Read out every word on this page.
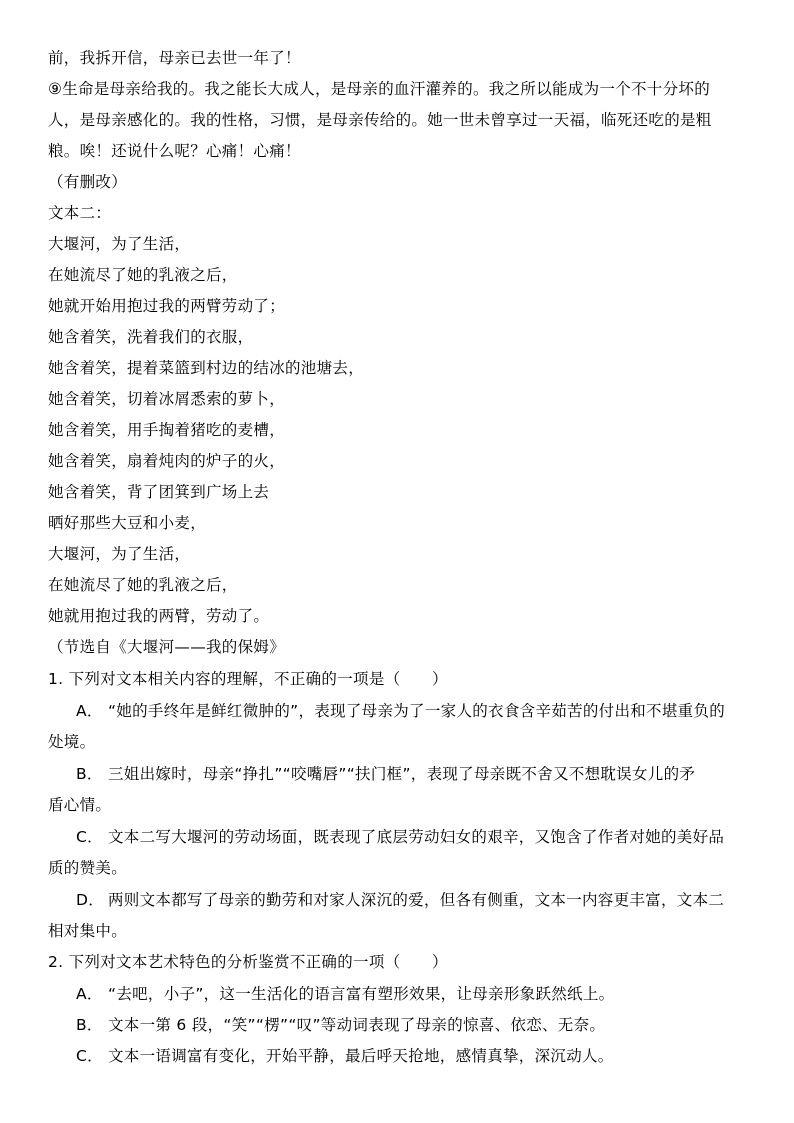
前，我拆开信，母亲已去世一年了！
⑨生命是母亲给我的。我之能长大成人，是母亲的血汗灌养的。我之所以能成为一个不十分坏的
人，是母亲感化的。我的性格，习惯，是母亲传给的。她一世未曾享过一天福，临死还吃的是粗
粮。唉！还说什么呢？心痛！心痛！
（有删改）
文本二：
大堰河，为了生活，
在她流尽了她的乳液之后，
她就开始用抱过我的两臂劳动了；
她含着笑，洗着我们的衣服，
她含着笑，提着菜篮到村边的结冰的池塘去，
她含着笑，切着冰屑悉索的萝卜，
她含着笑，用手掏着猪吃的麦槽，
她含着笑，扇着炖肉的炉子的火，
她含着笑，背了团箕到广场上去
晒好那些大豆和小麦，
大堰河，为了生活，
在她流尽了她的乳液之后，
她就用抱过我的两臂，劳动了。
（节选自《大堰河——我的保姆》
1. 下列对文本相关内容的理解，不正确的一项是（　　）
A． “她的手终年是鲜红微肿的”，表现了母亲为了一家人的衣食含辛茹苦的付出和不堪重负的
处境。
B． 三姐出嫁时，母亲“挣扎”“咬嘴唇”“扶门框”，表现了母亲既不舍又不想耽误女儿的矛
盾心情。
C． 文本二写大堰河的劳动场面，既表现了底层劳动妇女的艰辛，又饱含了作者对她的美好品
质的赞美。
D． 两则文本都写了母亲的勤劳和对家人深沉的爱，但各有侧重，文本一内容更丰富，文本二
相对集中。
2. 下列对文本艺术特色的分析鉴赏不正确的一项（　　）
A． “去吧，小子”，这一生活化的语言富有塑形效果，让母亲形象跃然纸上。
B． 文本一第 6 段，“笑”“楞”“叹”等动词表现了母亲的惊喜、依恋、无奈。
C． 文本一语调富有变化，开始平静，最后呼天抢地，感情真挚，深沉动人。
